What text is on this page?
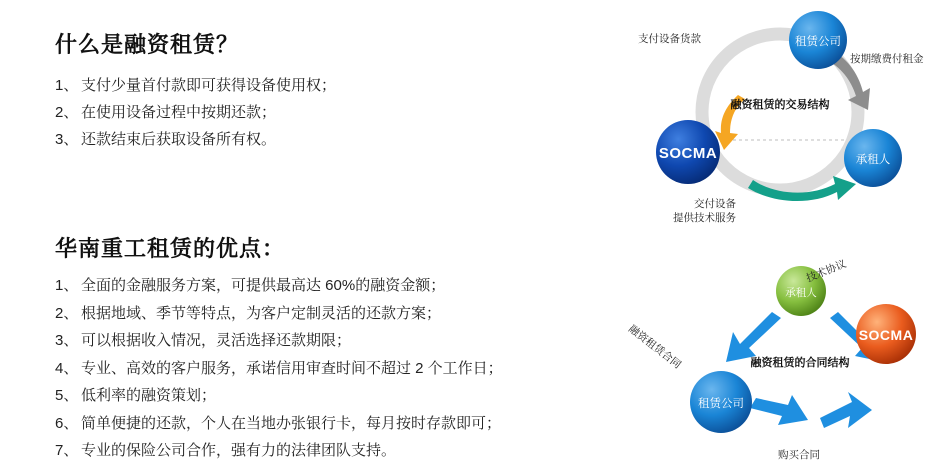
什么是融资租赁？
1、 支付少量首付款即可获得设备使用权；
2、 在使用设备过程中按期还款；
3、 还款结束后获取设备所有权。
华南重工租赁的优点：
1、 全面的金融服务方案，可提供最高达 60%的融资金额；
2、 根据地域、季节等特点，为客户定制灵活的还款方案；
3、 可以根据收入情况，灵活选择还款期限；
4、 专业、高效的客户服务，承诺信用审查时间不超过 2 个工作日；
5、 低利率的融资策划；
6、 简单便捷的还款，个人在当地办张银行卡，每月按时存款即可；
7、 专业的保险公司合作，强有力的法律团队支持。
租赁公司
承租人
SOCMA
融资租赁的交易结构
支付设备货款
按期缴费付租金
交付设备
提供技术服务
承租人
SOCMA
租赁公司
融资租赁的合同结构
技术协议
融资租赁合同
购买合同
